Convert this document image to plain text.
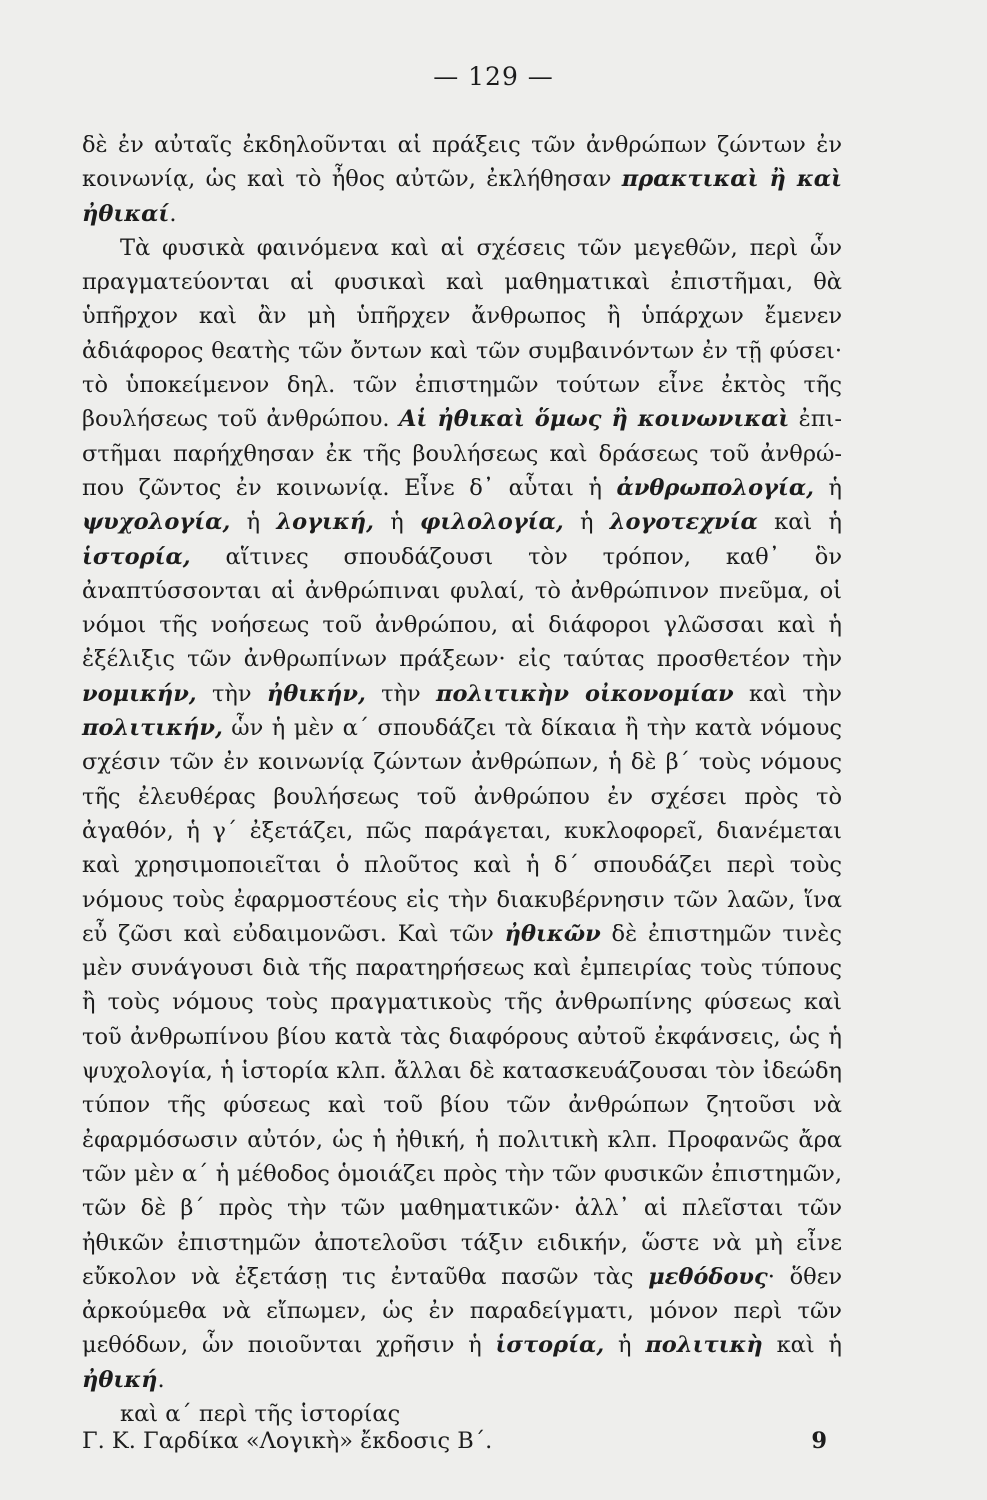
— 129 —

δὲ ἐν αὐταῖς ἐκδηλοῦνται αἱ πράξεις τῶν ἀνθρώπων ζώντων ἐν κοινωνίᾳ, ὡς καὶ τὸ ἦθος αὐτῶν, ἐκλήθησαν πρακτικαὶ ἢ καὶ ἠθικαί.

Τὰ φυσικὰ φαινόμενα καὶ αἱ σχέσεις τῶν μεγεθῶν, περὶ ὧν πραγματεύονται αἱ φυσικαὶ καὶ μαθηματικαὶ ἐπιστῆμαι, θὰ ὑπῆρχον καὶ ἂν μὴ ὑπῆρχεν ἄνθρωπος ἢ ὑπάρχων ἔμενεν ἀδιάφορος θεατὴς τῶν ὄντων καὶ τῶν συμβαινόντων ἐν τῇ φύσει· τὸ ὑποκείμενον δηλ. τῶν ἐπιστημῶν τούτων εἶνε ἐκτὸς τῆς βουλήσεως τοῦ ἀνθρώπου. Αἱ ἠθικαὶ ὅμως ἢ κοινωνικαὶ ἐπιστῆμαι παρήχθησαν ἐκ τῆς βουλήσεως καὶ δράσεως τοῦ ἀνθρώπου ζῶντος ἐν κοινωνίᾳ. Εἶνε δ᾽ αὗται ἡ ἀνθρωπολογία, ἡ ψυχολογία, ἡ λογική, ἡ φιλολογία, ἡ λογοτεχνία καὶ ἡ ἱστορία, αἵτινες σπουδάζουσι τὸν τρόπον, καθ᾽ ὃν ἀναπτύσσονται αἱ ἀνθρώπιναι φυλαί, τὸ ἀνθρώπινον πνεῦμα, οἱ νόμοι τῆς νοήσεως τοῦ ἀνθρώπου, αἱ διάφοροι γλῶσσαι καὶ ἡ ἐξέλιξις τῶν ἀνθρωπίνων πράξεων· εἰς ταύτας προσθετέον τὴν νομικήν, τὴν ἠθικήν, τὴν πολιτικὴν οἰκονομίαν καὶ τὴν πολιτικήν, ὧν ἡ μὲν α΄ σπουδάζει τὰ δίκαια ἢ τὴν κατὰ νόμους σχέσιν τῶν ἐν κοινωνίᾳ ζώντων ἀνθρώπων, ἡ δὲ β΄ τοὺς νόμους τῆς ἐλευθέρας βουλήσεως τοῦ ἀνθρώπου ἐν σχέσει πρὸς τὸ ἀγαθόν, ἡ γ΄ ἐξετάζει, πῶς παράγεται, κυκλοφορεῖ, διανέμεται καὶ χρησιμοποιεῖται ὁ πλοῦτος καὶ ἡ δ΄ σπουδάζει περὶ τοὺς νόμους τοὺς ἐφαρμοστέους εἰς τὴν διακυβέρνησιν τῶν λαῶν, ἵνα εὖ ζῶσι καὶ εὐδαιμονῶσι. Καὶ τῶν ἠθικῶν δὲ ἐπιστημῶν τινὲς μὲν συνάγουσι διὰ τῆς παρατηρήσεως καὶ ἐμπειρίας τοὺς τύπους ἢ τοὺς νόμους τοὺς πραγματικοὺς τῆς ἀνθρωπίνης φύσεως καὶ τοῦ ἀνθρωπίνου βίου κατὰ τὰς διαφόρους αὐτοῦ ἐκφάνσεις, ὡς ἡ ψυχολογία, ἡ ἱστορία κλπ. ἄλλαι δὲ κατασκευάζουσαι τὸν ἰδεώδη τύπον τῆς φύσεως καὶ τοῦ βίου τῶν ἀνθρώπων ζητοῦσι νὰ ἐφαρμόσωσιν αὐτόν, ὡς ἡ ἠθική, ἡ πολιτικὴ κλπ. Προφανῶς ἄρα τῶν μὲν α΄ ἡ μέθοδος ὁμοιάζει πρὸς τὴν τῶν φυσικῶν ἐπιστημῶν, τῶν δὲ β΄ πρὸς τὴν τῶν μαθηματικῶν· ἀλλ᾽ αἱ πλεῖσται τῶν ἠθικῶν ἐπιστημῶν ἀποτελοῦσι τάξιν ειδικήν, ὥστε νὰ μὴ εἶνε εὔκολον νὰ ἐξετάσῃ τις ἐνταῦθα πασῶν τὰς μεθόδους· ὅθεν ἀρκούμεθα νὰ εἴπωμεν, ὡς ἐν παραδείγματι, μόνον περὶ τῶν μεθόδων, ὧν ποιοῦνται χρῆσιν ἡ ἱστορία, ἡ πολιτικὴ καὶ ἡ ἠθική.

καὶ α΄ περὶ τῆς ἱστορίας

Γ. Κ. Γαρδίκα «Λογικὴ» ἔκδοσις Β΄.	9
